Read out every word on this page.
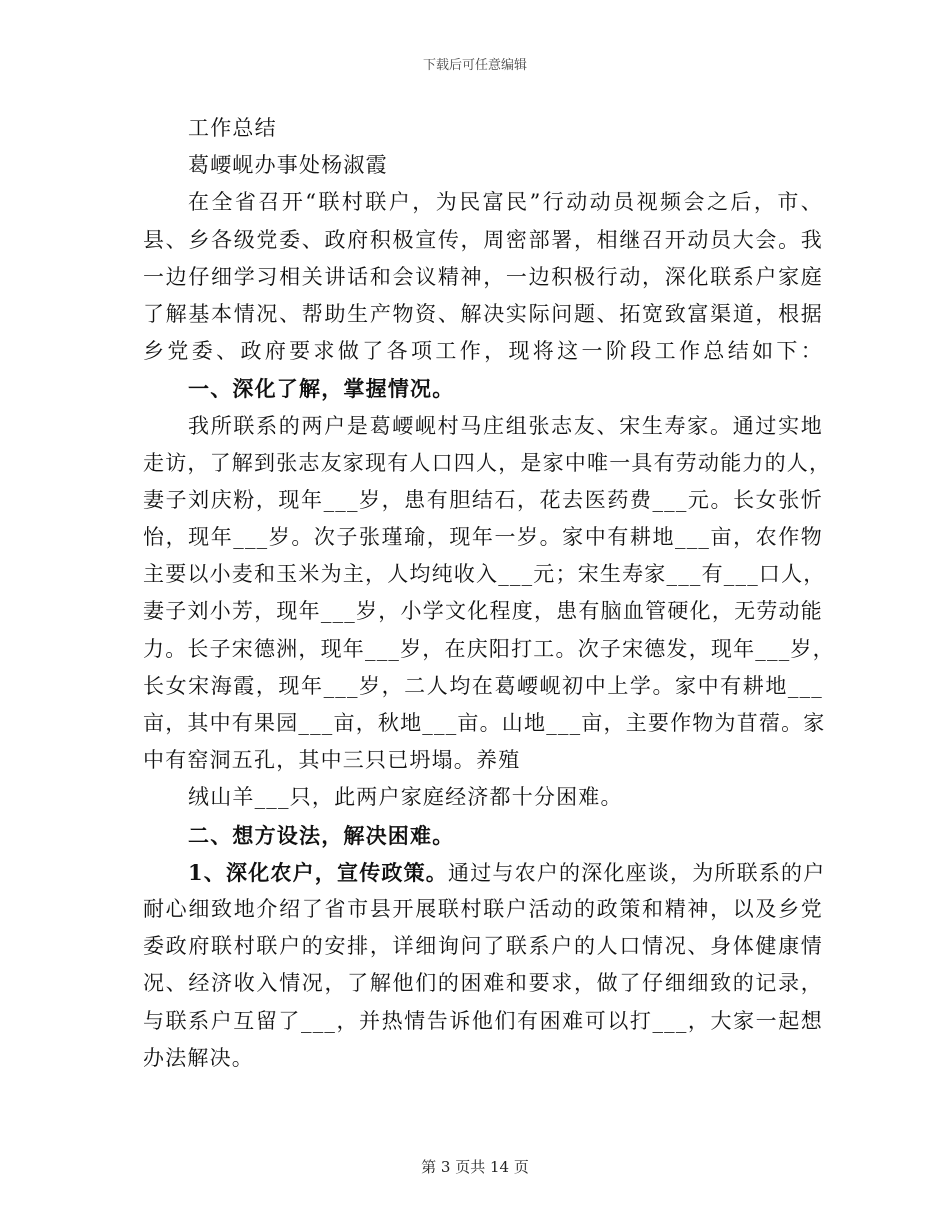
下载后可任意编辑
工作总结
葛崾岘办事处杨淑霞
在全省召开“联村联户，为民富民”行动动员视频会之后，市、
县、乡各级党委、政府积极宣传，周密部署，相继召开动员大会。我
一边仔细学习相关讲话和会议精神，一边积极行动，深化联系户家庭
了解基本情况、帮助生产物资、解决实际问题、拓宽致富渠道，根据
乡党委、政府要求做了各项工作，现将这一阶段工作总结如下：
一、深化了解，掌握情况。
我所联系的两户是葛崾岘村马庄组张志友、宋生寿家。通过实地
走访，了解到张志友家现有人口四人，是家中唯一具有劳动能力的人，
妻子刘庆粉，现年___岁，患有胆结石，花去医药费___元。长女张忻
怡，现年___岁。次子张瑾瑜，现年一岁。家中有耕地___亩，农作物
主要以小麦和玉米为主，人均纯收入___元；宋生寿家___有___口人，
妻子刘小芳，现年___岁，小学文化程度，患有脑血管硬化，无劳动能
力。长子宋德洲，现年___岁，在庆阳打工。次子宋德发，现年___岁，
长女宋海霞，现年___岁，二人均在葛崾岘初中上学。家中有耕地___
亩，其中有果园___亩，秋地___亩。山地___亩，主要作物为苜蓿。家
中有窑洞五孔，其中三只已坍塌。养殖
绒山羊___只，此两户家庭经济都十分困难。
二、想方设法，解决困难。
1、深化农户，宣传政策。通过与农户的深化座谈，为所联系的户
耐心细致地介绍了省市县开展联村联户活动的政策和精神，以及乡党
委政府联村联户的安排，详细询问了联系户的人口情况、身体健康情
况、经济收入情况，了解他们的困难和要求，做了仔细细致的记录，
与联系户互留了___，并热情告诉他们有困难可以打___，大家一起想
办法解决。
第 3 页共 14 页
